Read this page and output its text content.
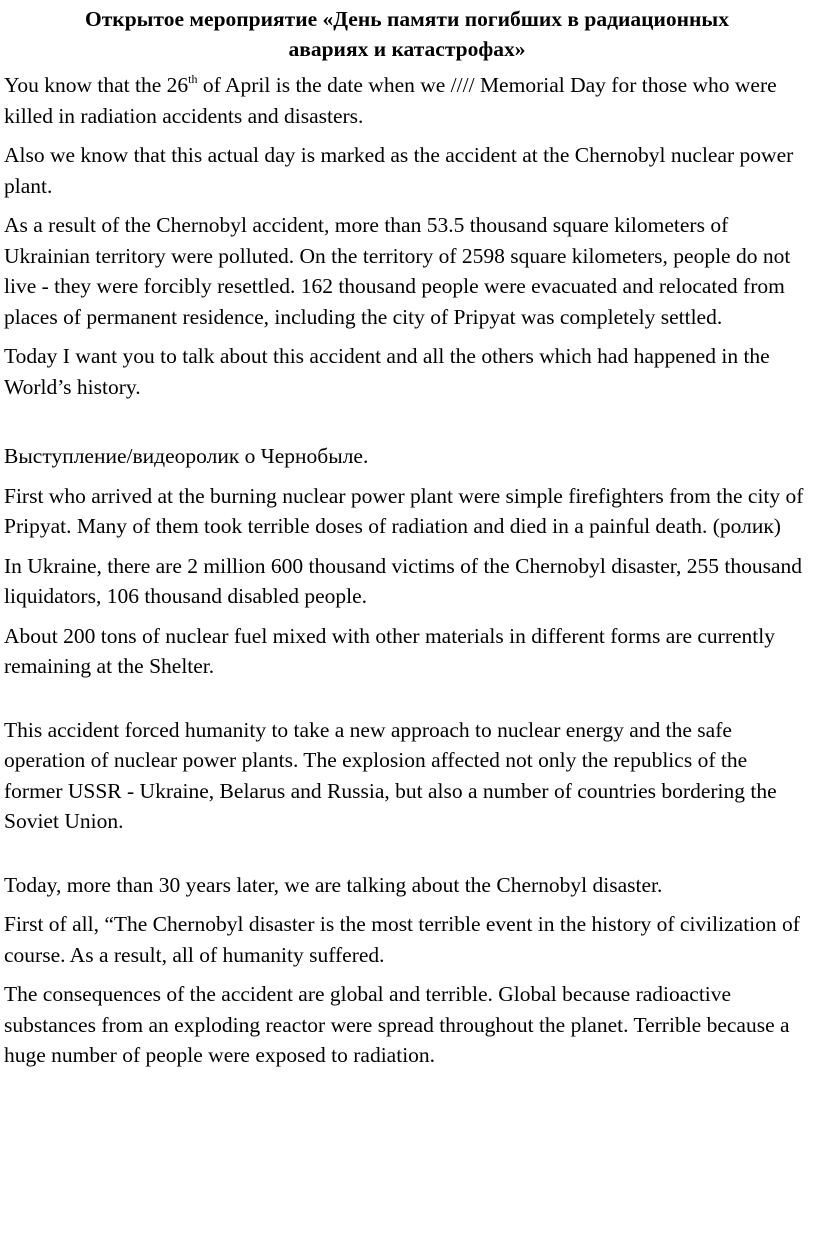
Открытое мероприятие «День памяти погибших в радиационных авариях и катастрофах»

You know that the 26th of April is the date when we //// Memorial Day for those who were killed in radiation accidents and disasters.

Also we know that this actual day is marked as the accident at the Chernobyl nuclear power plant.

As a result of the Chernobyl accident, more than 53.5 thousand square kilometers of Ukrainian territory were polluted. On the territory of 2598 square kilometers, people do not live - they were forcibly resettled. 162 thousand people were evacuated and relocated from places of permanent residence, including the city of Pripyat was completely settled.

Today I want you to talk about this accident and all the others which had happened in the World’s history.

Выступление/видеоролик о Чернобыле.

First who arrived at the burning nuclear power plant were simple firefighters from the city of Pripyat. Many of them took terrible doses of radiation and died in a painful death. (ролик)

In Ukraine, there are 2 million 600 thousand victims of the Chernobyl disaster, 255 thousand liquidators, 106 thousand disabled people.

About 200 tons of nuclear fuel mixed with other materials in different forms are currently remaining at the Shelter.

This accident forced humanity to take a new approach to nuclear energy and the safe operation of nuclear power plants. The explosion affected not only the republics of the former USSR - Ukraine, Belarus and Russia, but also a number of countries bordering the Soviet Union.

Today, more than 30 years later, we are talking about the Chernobyl disaster.

First of all, “The Chernobyl disaster is the most terrible event in the history of civilization of course. As a result, all of humanity suffered.

The consequences of the accident are global and terrible. Global because radioactive substances from an exploding reactor were spread throughout the planet. Terrible because a huge number of people were exposed to radiation.
